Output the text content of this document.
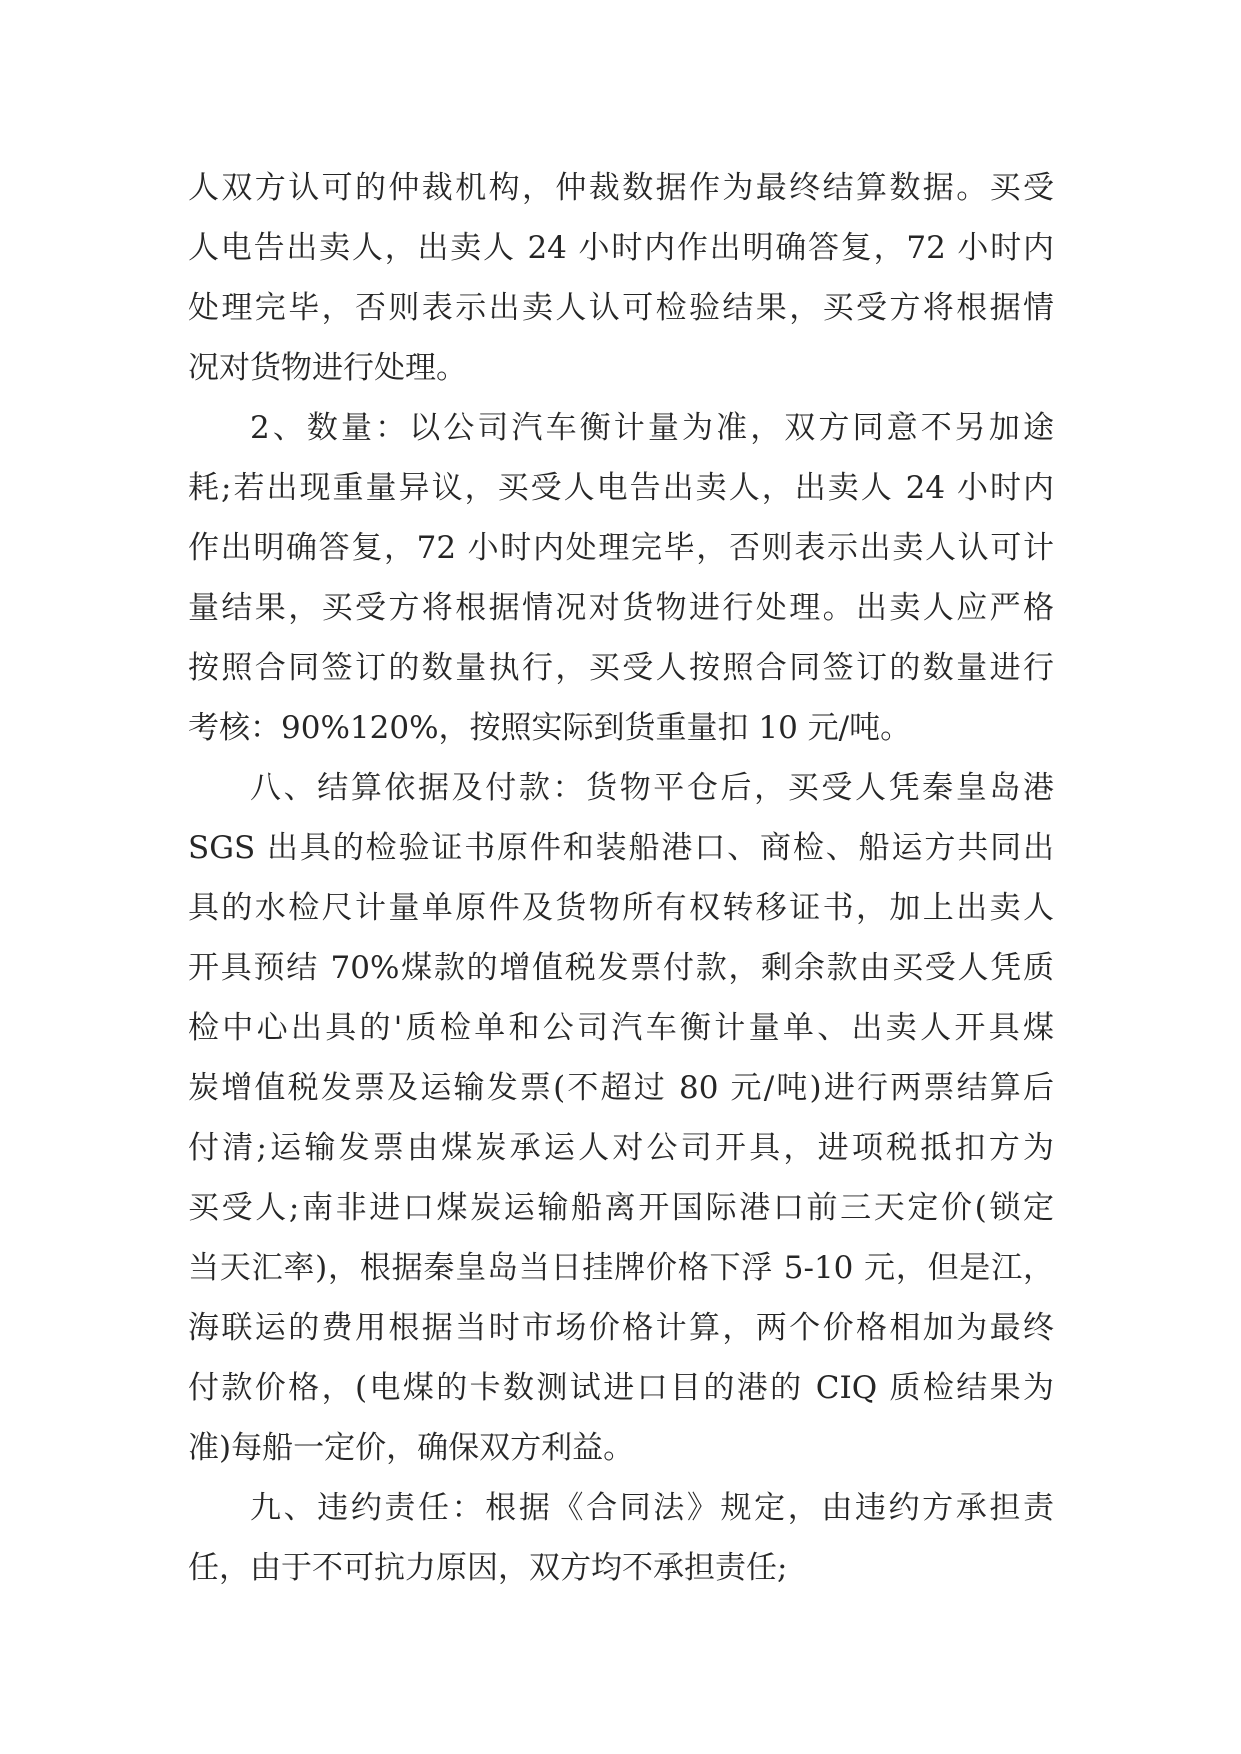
人双方认可的仲裁机构，仲裁数据作为最终结算数据。买受
人电告出卖人，出卖人 24 小时内作出明确答复，72 小时内
处理完毕，否则表示出卖人认可检验结果，买受方将根据情
况对货物进行处理。
2、数量：以公司汽车衡计量为准，双方同意不另加途
耗;若出现重量异议，买受人电告出卖人，出卖人 24 小时内
作出明确答复，72 小时内处理完毕，否则表示出卖人认可计
量结果，买受方将根据情况对货物进行处理。出卖人应严格
按照合同签订的数量执行，买受人按照合同签订的数量进行
考核：90%120%，按照实际到货重量扣 10 元/吨。
八、结算依据及付款：货物平仓后，买受人凭秦皇岛港
SGS 出具的检验证书原件和装船港口、商检、船运方共同出
具的水检尺计量单原件及货物所有权转移证书，加上出卖人
开具预结 70%煤款的增值税发票付款，剩余款由买受人凭质
检中心出具的'质检单和公司汽车衡计量单、出卖人开具煤
炭增值税发票及运输发票(不超过 80 元/吨)进行两票结算后
付清;运输发票由煤炭承运人对公司开具，进项税抵扣方为
买受人;南非进口煤炭运输船离开国际港口前三天定价(锁定
当天汇率)，根据秦皇岛当日挂牌价格下浮 5-10 元，但是江，
海联运的费用根据当时市场价格计算，两个价格相加为最终
付款价格，(电煤的卡数测试进口目的港的 CIQ 质检结果为
准)每船一定价，确保双方利益。
九、违约责任：根据《合同法》规定，由违约方承担责
任，由于不可抗力原因，双方均不承担责任;
